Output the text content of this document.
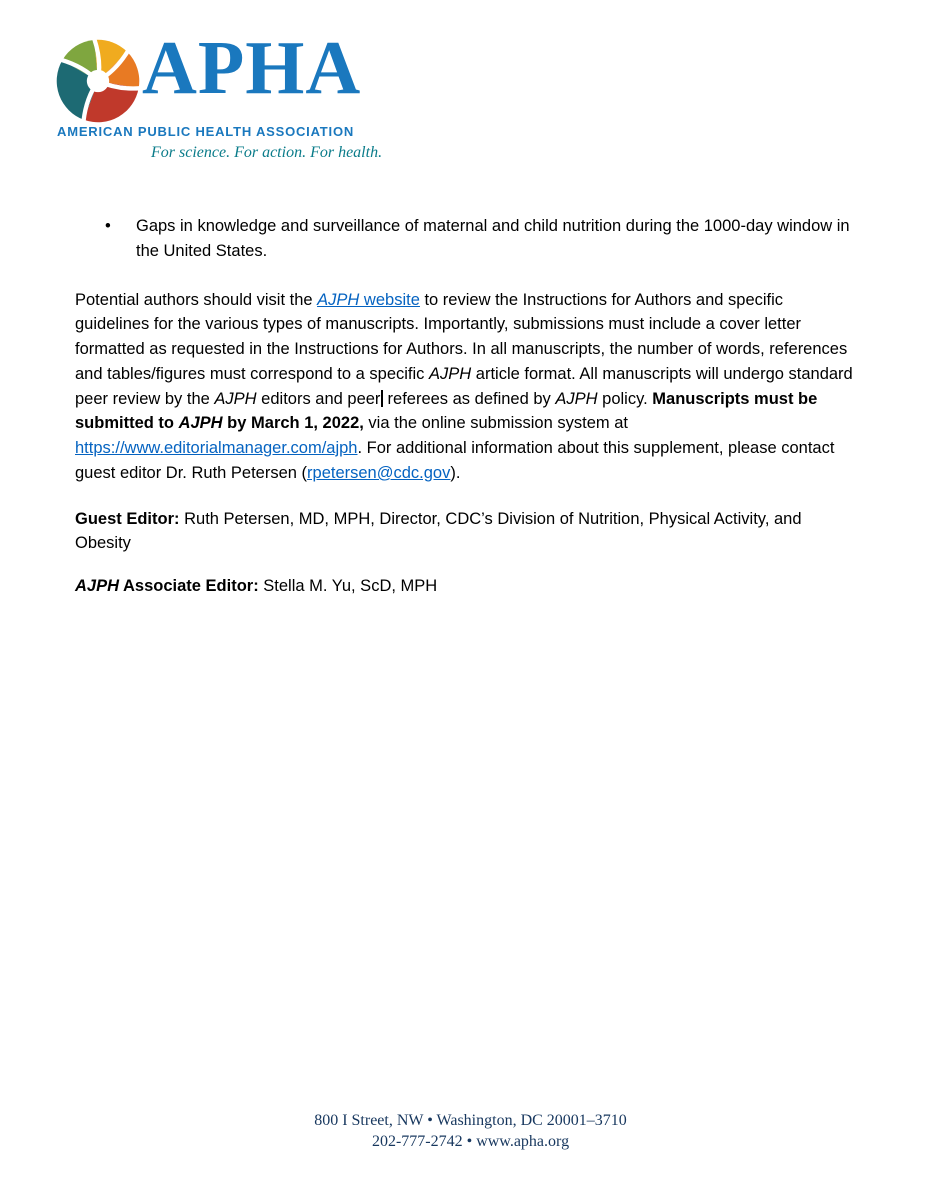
APHA
AMERICAN PUBLIC HEALTH ASSOCIATION
For science. For action. For health.
•	Gaps in knowledge and surveillance of maternal and child nutrition during the 1000-day window in the United States.

Potential authors should visit the AJPH website to review the Instructions for Authors and specific guidelines for the various types of manuscripts. Importantly, submissions must include a cover letter formatted as requested in the Instructions for Authors. In all manuscripts, the number of words, references and tables/figures must correspond to a specific AJPH article format. All manuscripts will undergo standard peer review by the AJPH editors and peer referees as defined by AJPH policy. Manuscripts must be submitted to AJPH by March 1, 2022, via the online submission system at https://www.editorialmanager.com/ajph. For additional information about this supplement, please contact guest editor Dr. Ruth Petersen (rpetersen@cdc.gov).

Guest Editor: Ruth Petersen, MD, MPH, Director, CDC’s Division of Nutrition, Physical Activity, and Obesity

AJPH Associate Editor: Stella M. Yu, ScD, MPH

800 I Street, NW • Washington, DC 20001–3710
202-777-2742 • www.apha.org
